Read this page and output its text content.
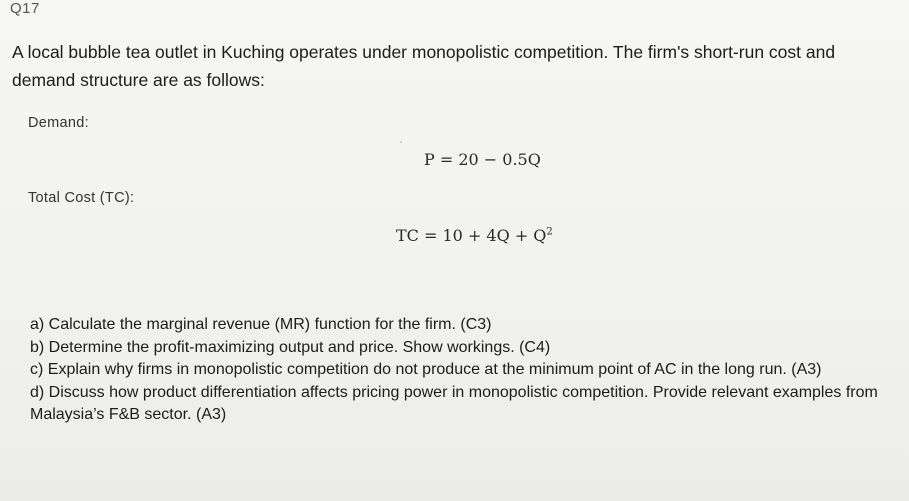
Q17
A local bubble tea outlet in Kuching operates under monopolistic competition. The firm's short-run cost and demand structure are as follows:
Demand:
ʻ
P = 20 − 0.5Q
Total Cost (TC):
TC = $10 + 4Q + Q^2$

a) Calculate the marginal revenue (MR) function for the firm. (C3)

b) Determine the profit-maximizing output and price. Show workings. (C4)

c) Explain why firms in monopolistic competition do not produce at the minimum point of AC in the long run. (A3)

d) Discuss how product differentiation affects pricing power in monopolistic competition. Provide relevant examples from Malaysia’s F&B sector. (A3)
